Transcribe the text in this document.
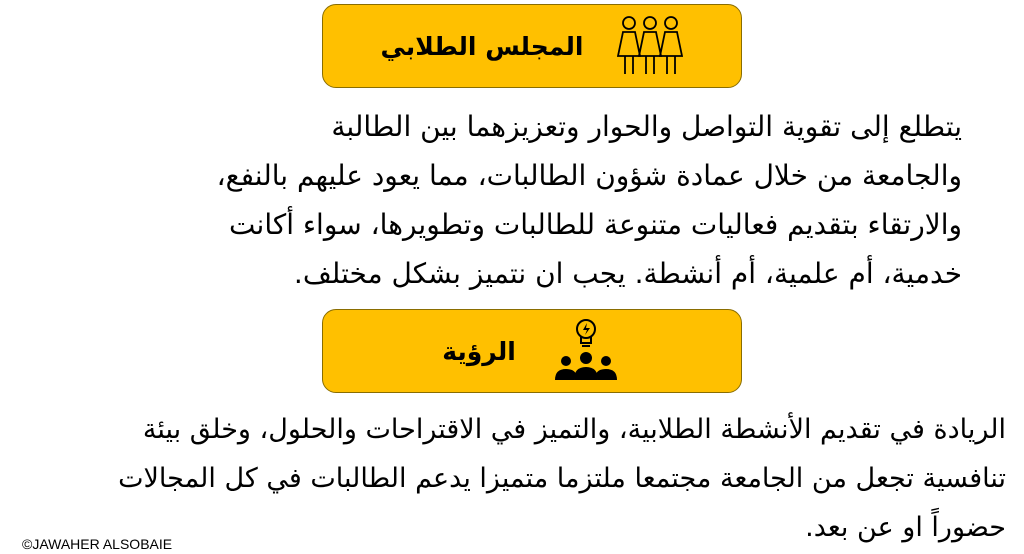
المجلس الطلابي

يتطلع إلى تقوية التواصل والحوار وتعزيزهما بين الطالبة
والجامعة من خلال عمادة شؤون الطالبات، مما يعود عليهم بالنفع،
والارتقاء بتقديم فعاليات متنوعة للطالبات وتطويرها، سواء أكانت
خدمية، أم علمية، أم أنشطة. يجب ان نتميز بشكل مختلف.

الرؤية

الريادة في تقديم الأنشطة الطلابية، والتميز في الاقتراحات والحلول، وخلق بيئة
تنافسية تجعل من الجامعة مجتمعا ملتزما متميزا يدعم الطالبات في كل المجالات
حضوراً او عن بعد.

©JAWAHER ALSOBAIE
